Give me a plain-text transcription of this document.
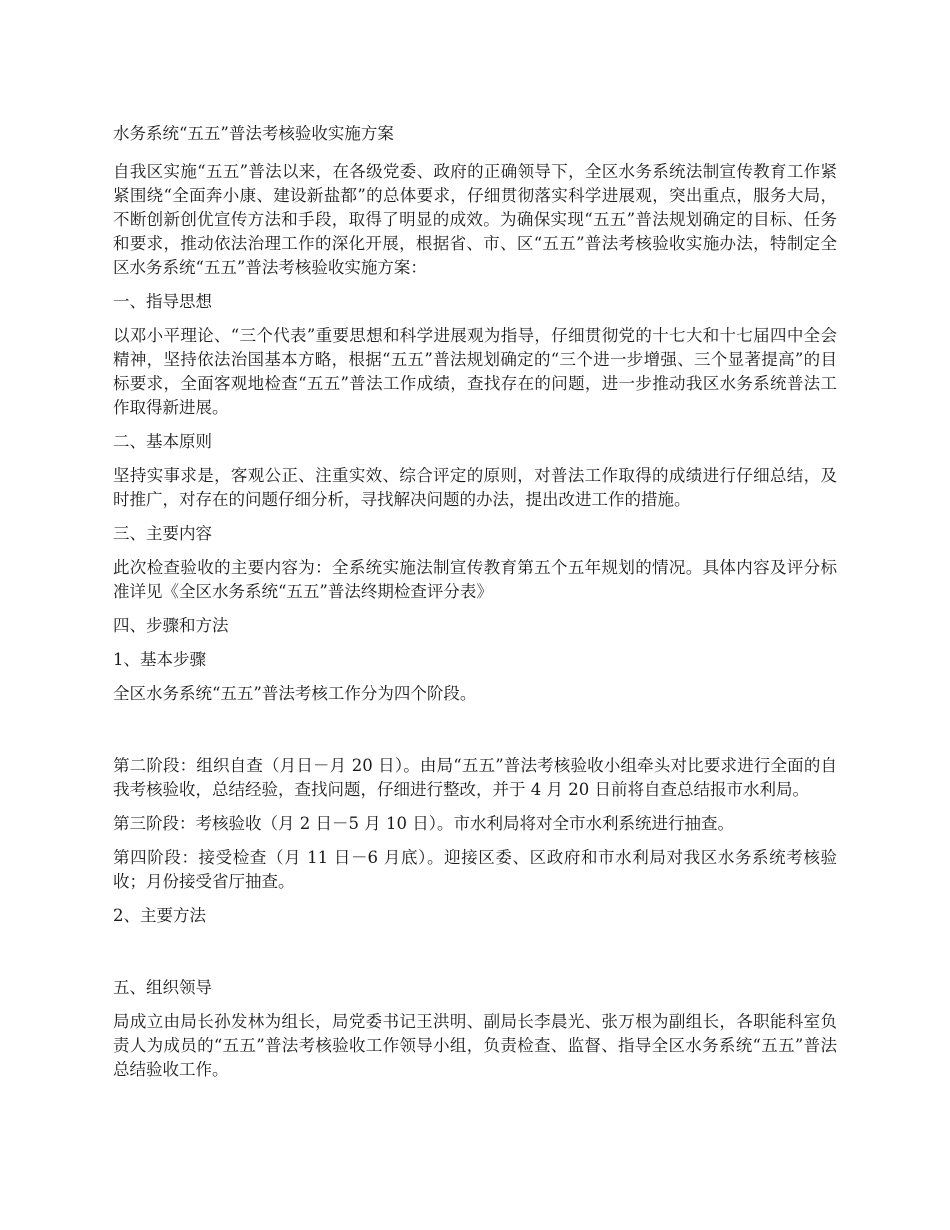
水务系统“五五”普法考核验收实施方案

自我区实施“五五”普法以来，在各级党委、政府的正确领导下，全区水务系统法制宣传教育工作紧紧围绕“全面奔小康、建设新盐都”的总体要求，仔细贯彻落实科学进展观，突出重点，服务大局，不断创新创优宣传方法和手段，取得了明显的成效。为确保实现“五五”普法规划确定的目标、任务和要求，推动依法治理工作的深化开展，根据省、市、区“五五”普法考核验收实施办法，特制定全区水务系统“五五”普法考核验收实施方案：

一、指导思想

以邓小平理论、“三个代表”重要思想和科学进展观为指导，仔细贯彻党的十七大和十七届四中全会精神，坚持依法治国基本方略，根据“五五”普法规划确定的“三个进一步增强、三个显著提高”的目标要求，全面客观地检查“五五”普法工作成绩，查找存在的问题，进一步推动我区水务系统普法工作取得新进展。

二、基本原则

坚持实事求是，客观公正、注重实效、综合评定的原则，对普法工作取得的成绩进行仔细总结，及时推广，对存在的问题仔细分析，寻找解决问题的办法，提出改进工作的措施。

三、主要内容

此次检查验收的主要内容为：全系统实施法制宣传教育第五个五年规划的情况。具体内容及评分标准详见《全区水务系统“五五”普法终期检查评分表》

四、步骤和方法

1、基本步骤

全区水务系统“五五”普法考核工作分为四个阶段。

第二阶段：组织自查（月日－月 20 日）。由局“五五”普法考核验收小组牵头对比要求进行全面的自我考核验收，总结经验，查找问题，仔细进行整改，并于 4 月 20 日前将自查总结报市水利局。

第三阶段：考核验收（月 2 日－5 月 10 日）。市水利局将对全市水利系统进行抽查。

第四阶段：接受检查（月 11 日－6 月底）。迎接区委、区政府和市水利局对我区水务系统考核验收；月份接受省厅抽查。

2、主要方法

五、组织领导

局成立由局长孙发林为组长，局党委书记王洪明、副局长李晨光、张万根为副组长，各职能科室负责人为成员的“五五”普法考核验收工作领导小组，负责检查、监督、指导全区水务系统“五五”普法总结验收工作。
